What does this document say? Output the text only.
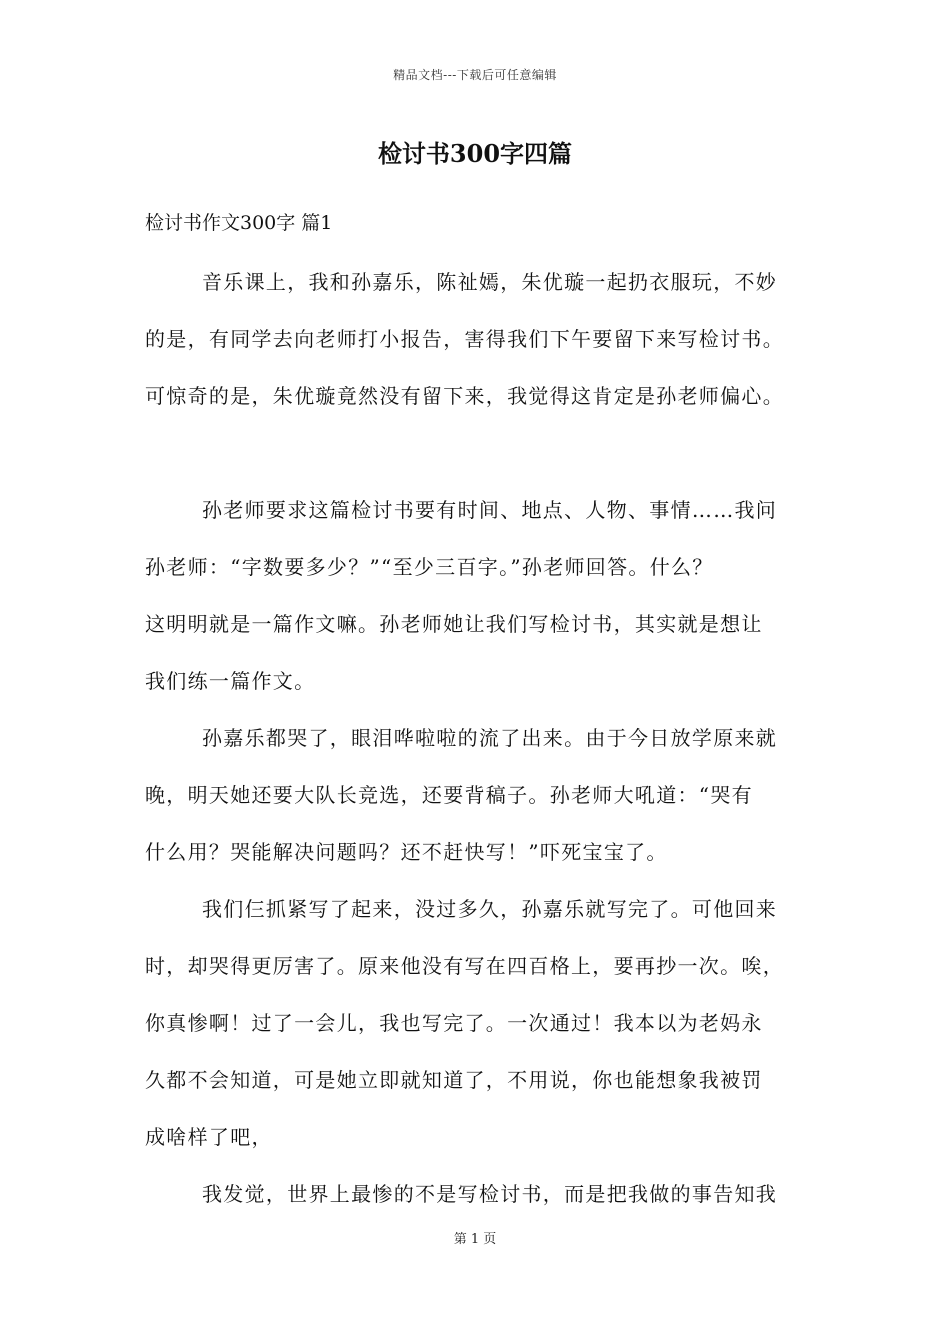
精品文档---下载后可任意编辑
检讨书300字四篇
检讨书作文300字 篇1
音乐课上，我和孙嘉乐，陈祉嫣，朱优璇一起扔衣服玩，不妙
的是，有同学去向老师打小报告，害得我们下午要留下来写检讨书。
可惊奇的是，朱优璇竟然没有留下来，我觉得这肯定是孙老师偏心。
孙老师要求这篇检讨书要有时间、地点、人物、事情……我问
孙老师：“字数要多少？”“至少三百字。”孙老师回答。什么？
这明明就是一篇作文嘛。孙老师她让我们写检讨书，其实就是想让
我们练一篇作文。
孙嘉乐都哭了，眼泪哗啦啦的流了出来。由于今日放学原来就
晚，明天她还要大队长竞选，还要背稿子。孙老师大吼道：“哭有
什么用？哭能解决问题吗？还不赶快写！”吓死宝宝了。
我们仨抓紧写了起来，没过多久，孙嘉乐就写完了。可他回来
时，却哭得更厉害了。原来他没有写在四百格上，要再抄一次。唉，
你真惨啊！过了一会儿，我也写完了。一次通过！我本以为老妈永
久都不会知道，可是她立即就知道了，不用说，你也能想象我被罚
成啥样了吧，
我发觉，世界上最惨的不是写检讨书，而是把我做的事告知我
第 1 页
